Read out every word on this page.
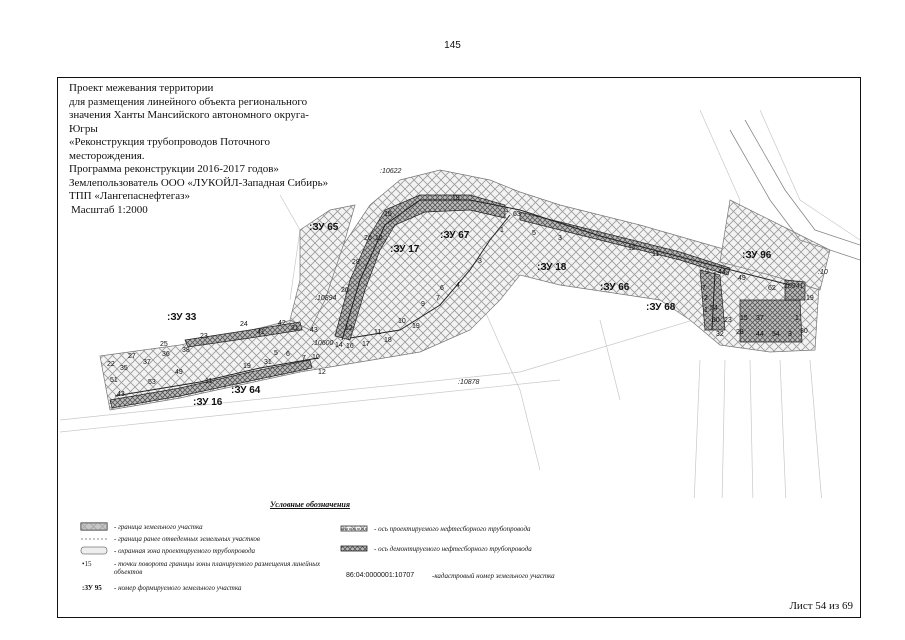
145
Проект межевания территории
для размещения линейного объекта регионального
значения Ханты Мансийского автономного округа-
Югры
«Реконструкция трубопроводов Поточного
месторождения.
Программа реконструкции 2016-2017 годов»
Землепользователь ООО «ЛУКОЙЛ-Западная Сибирь»
ТПП «Лангепаснефтегаз»
Масштаб 1:2000
:ЗУ 65
:ЗУ 17
:ЗУ 67
:ЗУ 18
:ЗУ 66
:ЗУ 68
:ЗУ 96
:ЗУ 33
:ЗУ 16
:ЗУ 64
:10622
:10894
:10600
:10878
:10941
:10
51
43
22
35
27
37
25
36
38
23
24
41
42
21 43
53
49
11
19
31
5 6
7 10
12
14 16 17
18
11
12
10
19
9
7
6 4
3
26
28
26 12
15
19
1
1
63
5
3
12
11
9 44
49
7
2
1
30 23
32 28
15 37
44 54 3 30
62
19
1
54
Условные обозначения
- граница земельного участка
- граница ранее отведенных земельных участков
- охранная зона проектируемого трубопровода
•15	- точки поворота границы зоны планируемого размещения линейных объектов
:ЗУ 95 - номер формируемого земельного участка
- ось проектируемого нефтесборного трубопровода
- ось демонтируемого нефтесборного трубопровода
86:04:0000001:10707	-кадастровый номер земельного участка
Лист 54 из 69
